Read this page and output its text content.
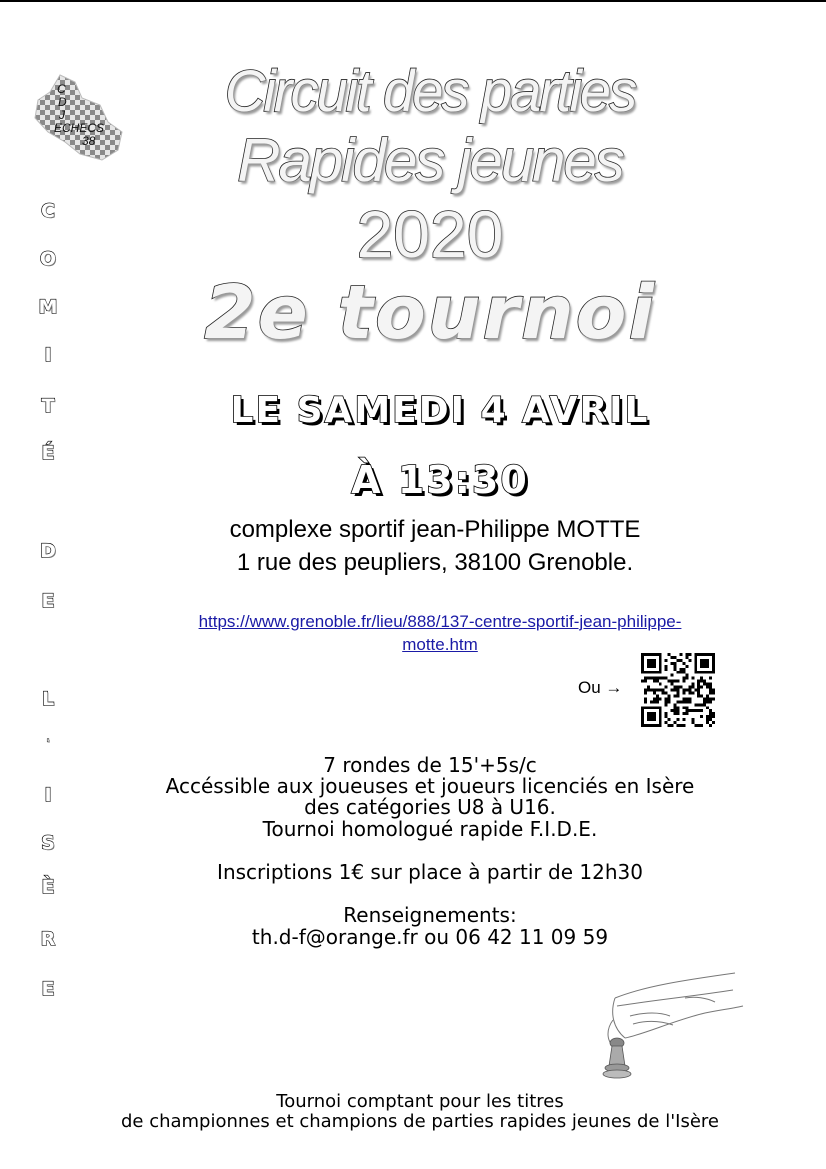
C
D
J
ECHECS
38
C
O
M
I
T
É
D
E
L
'
I
S
È
R
E
Circuit des parties
Rapides jeunes
2020
2e tournoi
LE SAMEDI 4 AVRIL
À 13:30
complexe sportif jean-Philippe MOTTE
1 rue des peupliers, 38100 Grenoble.
https://www.grenoble.fr/lieu/888/137-centre-sportif-jean-philippe-
motte.htm
Ou →
7 rondes de 15'+5s/c
Accéssible aux joueuses et joueurs licenciés en Isère
des catégories U8 à U16.
Tournoi homologué rapide F.I.D.E.
Inscriptions 1€ sur place à partir de 12h30
Renseignements:
th.d-f@orange.fr ou 06 42 11 09 59
Tournoi comptant pour les titres
de championnes et champions de parties rapides jeunes de l'Isère
